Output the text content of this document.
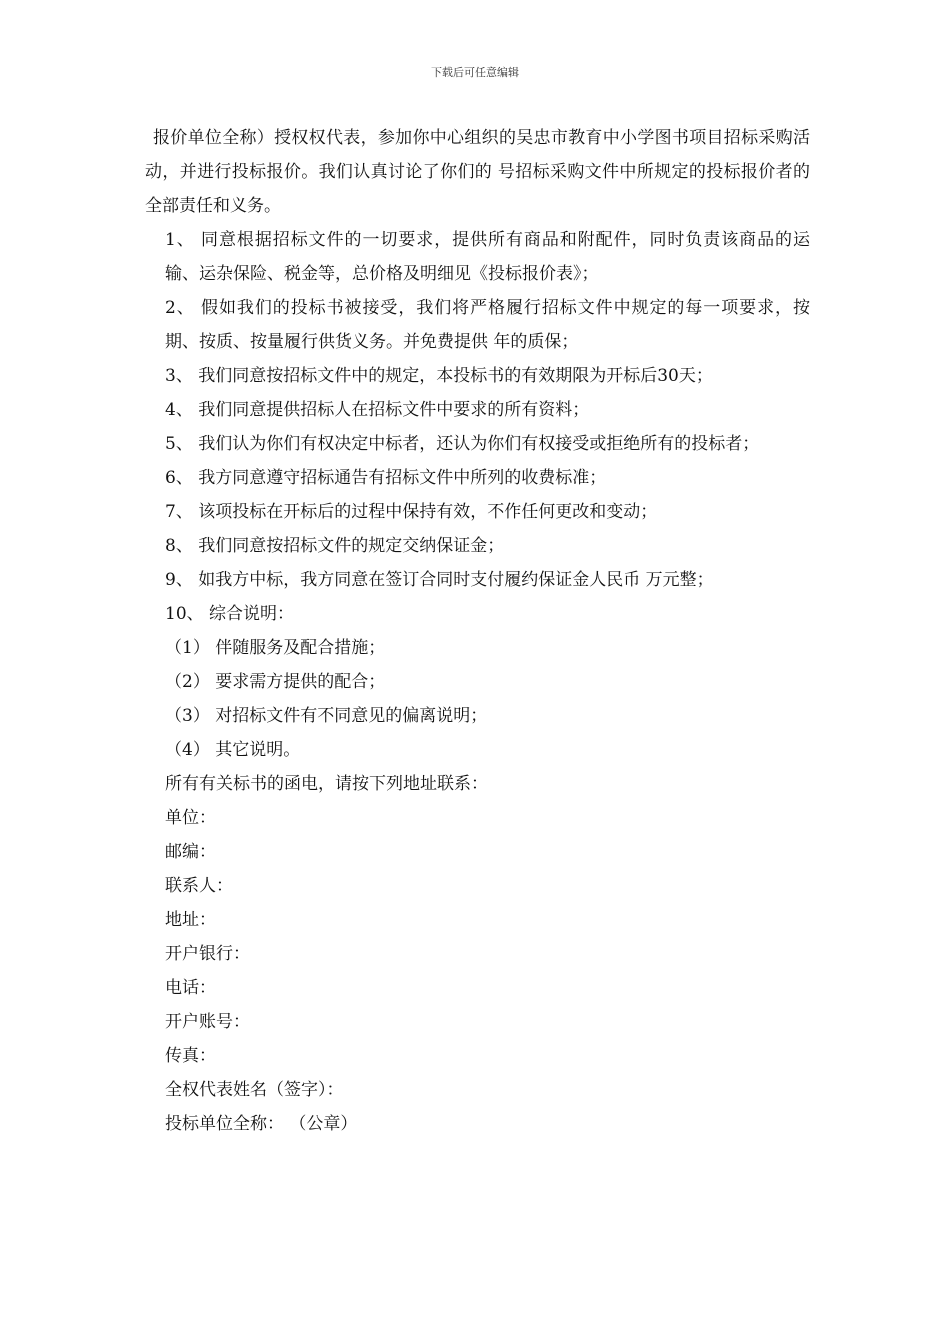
下载后可任意编辑

报价单位全称）授权权代表，参加你中心组织的吴忠市教育中小学图书项目招标采购活动，并进行投标报价。我们认真讨论了你们的 号招标采购文件中所规定的投标报价者的全部责任和义务。

1、 同意根据招标文件的一切要求，提供所有商品和附配件，同时负责该商品的运输、运杂保险、税金等，总价格及明细见《投标报价表》；

2、 假如我们的投标书被接受，我们将严格履行招标文件中规定的每一项要求，按期、按质、按量履行供货义务。并免费提供 年的质保；

3、 我们同意按招标文件中的规定，本投标书的有效期限为开标后30天；

4、 我们同意提供招标人在招标文件中要求的所有资料；

5、 我们认为你们有权决定中标者，还认为你们有权接受或拒绝所有的投标者；

6、 我方同意遵守招标通告有招标文件中所列的收费标准；

7、 该项投标在开标后的过程中保持有效，不作任何更改和变动；

8、 我们同意按招标文件的规定交纳保证金；

9、 如我方中标，我方同意在签订合同时支付履约保证金人民币 万元整；

10、 综合说明：

（1） 伴随服务及配合措施；

（2） 要求需方提供的配合；

（3） 对招标文件有不同意见的偏离说明；

（4） 其它说明。

所有有关标书的函电，请按下列地址联系：

单位：

邮编：

联系人：

地址：

开户银行：

电话：

开户账号：

传真：

全权代表姓名（签字）：

投标单位全称： （公章）
